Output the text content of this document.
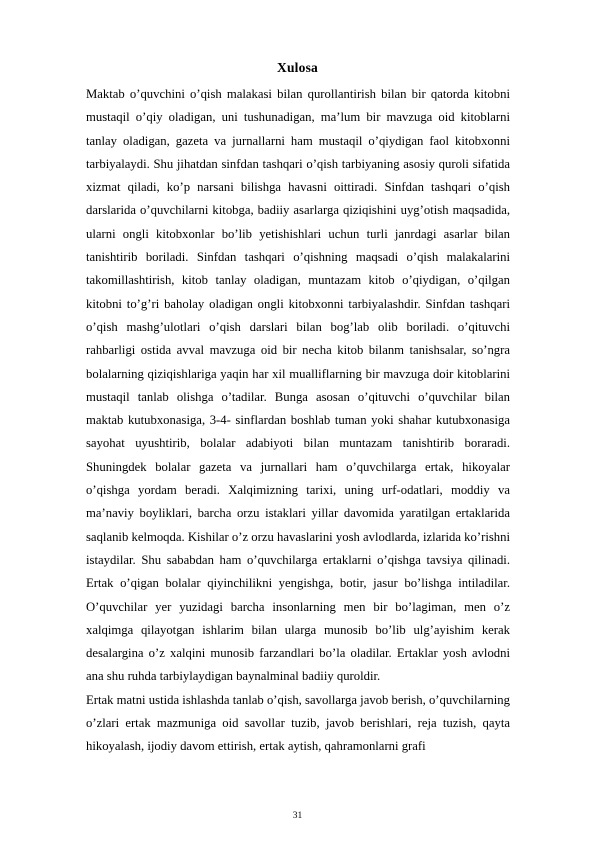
Xulosa

Maktab o’quvchini o’qish malakasi bilan qurollantirish bilan bir qatorda kitobni mustaqil o’qiy oladigan, uni tushunadigan, ma’lum bir mavzuga oid kitoblarni tanlay oladigan, gazeta va jurnallarni ham mustaqil o’qiydigan faol kitobxonni tarbiyalaydi. Shu jihatdan sinfdan tashqari o’qish tarbiyaning asosiy quroli sifatida xizmat qiladi, ko’p narsani bilishga havasni oittiradi. Sinfdan tashqari o’qish darslarida o’quvchilarni kitobga, badiiy asarlarga qiziqishini uyg’otish maqsadida, ularni ongli kitobxonlar bo’lib yetishishlari uchun turli janrdagi asarlar bilan tanishtirib boriladi. Sinfdan tashqari o’qishning maqsadi o’qish malakalarini takomillashtirish, kitob tanlay oladigan, muntazam kitob o’qiydigan, o’qilgan kitobni to’g’ri baholay oladigan ongli kitobxonni tarbiyalashdir. Sinfdan tashqari o’qish mashg’ulotlari o’qish darslari bilan bog’lab olib boriladi. o’qituvchi rahbarligi ostida avval mavzuga oid bir necha kitob bilanm tanishsalar, so’ngra bolalarning qiziqishlariga yaqin har xil mualliflarning bir mavzuga doir kitoblarini mustaqil tanlab olishga o’tadilar. Bunga asosan o’qituvchi o’quvchilar bilan maktab kutubxonasiga, 3-4- sinflardan boshlab tuman yoki shahar kutubxonasiga sayohat uyushtirib, bolalar adabiyoti bilan muntazam tanishtirib boraradi. Shuningdek bolalar gazeta va jurnallari ham o’quvchilarga ertak, hikoyalar o’qishga yordam beradi. Xalqimizning tarixi, uning urf-odatlari, moddiy va ma’naviy boyliklari, barcha orzu istaklari yillar davomida yaratilgan ertaklarida saqlanib kelmoqda. Kishilar o’z orzu havaslarini yosh avlodlarda, izlarida ko’rishni istaydilar. Shu sababdan ham o’quvchilarga ertaklarni o’qishga tavsiya qilinadi. Ertak o’qigan bolalar qiyinchilikni yengishga, botir, jasur bo’lishga intiladilar. O’quvchilar yer yuzidagi barcha insonlarning men bir bo’lagiman, men o’z xalqimga qilayotgan ishlarim bilan ularga munosib bo’lib ulg’ayishim kerak desalargina o’z xalqini munosib farzandlari bo’la oladilar. Ertaklar yosh avlodni ana shu ruhda tarbiylaydigan baynalminal badiiy quroldir.

Ertak matni ustida ishlashda tanlab o’qish, savollarga javob berish, o’quvchilarning o’zlari ertak mazmuniga oid savollar tuzib, javob berishlari, reja tuzish, qayta hikoyalash, ijodiy davom ettirish, ertak aytish, qahramonlarni grafi

31
